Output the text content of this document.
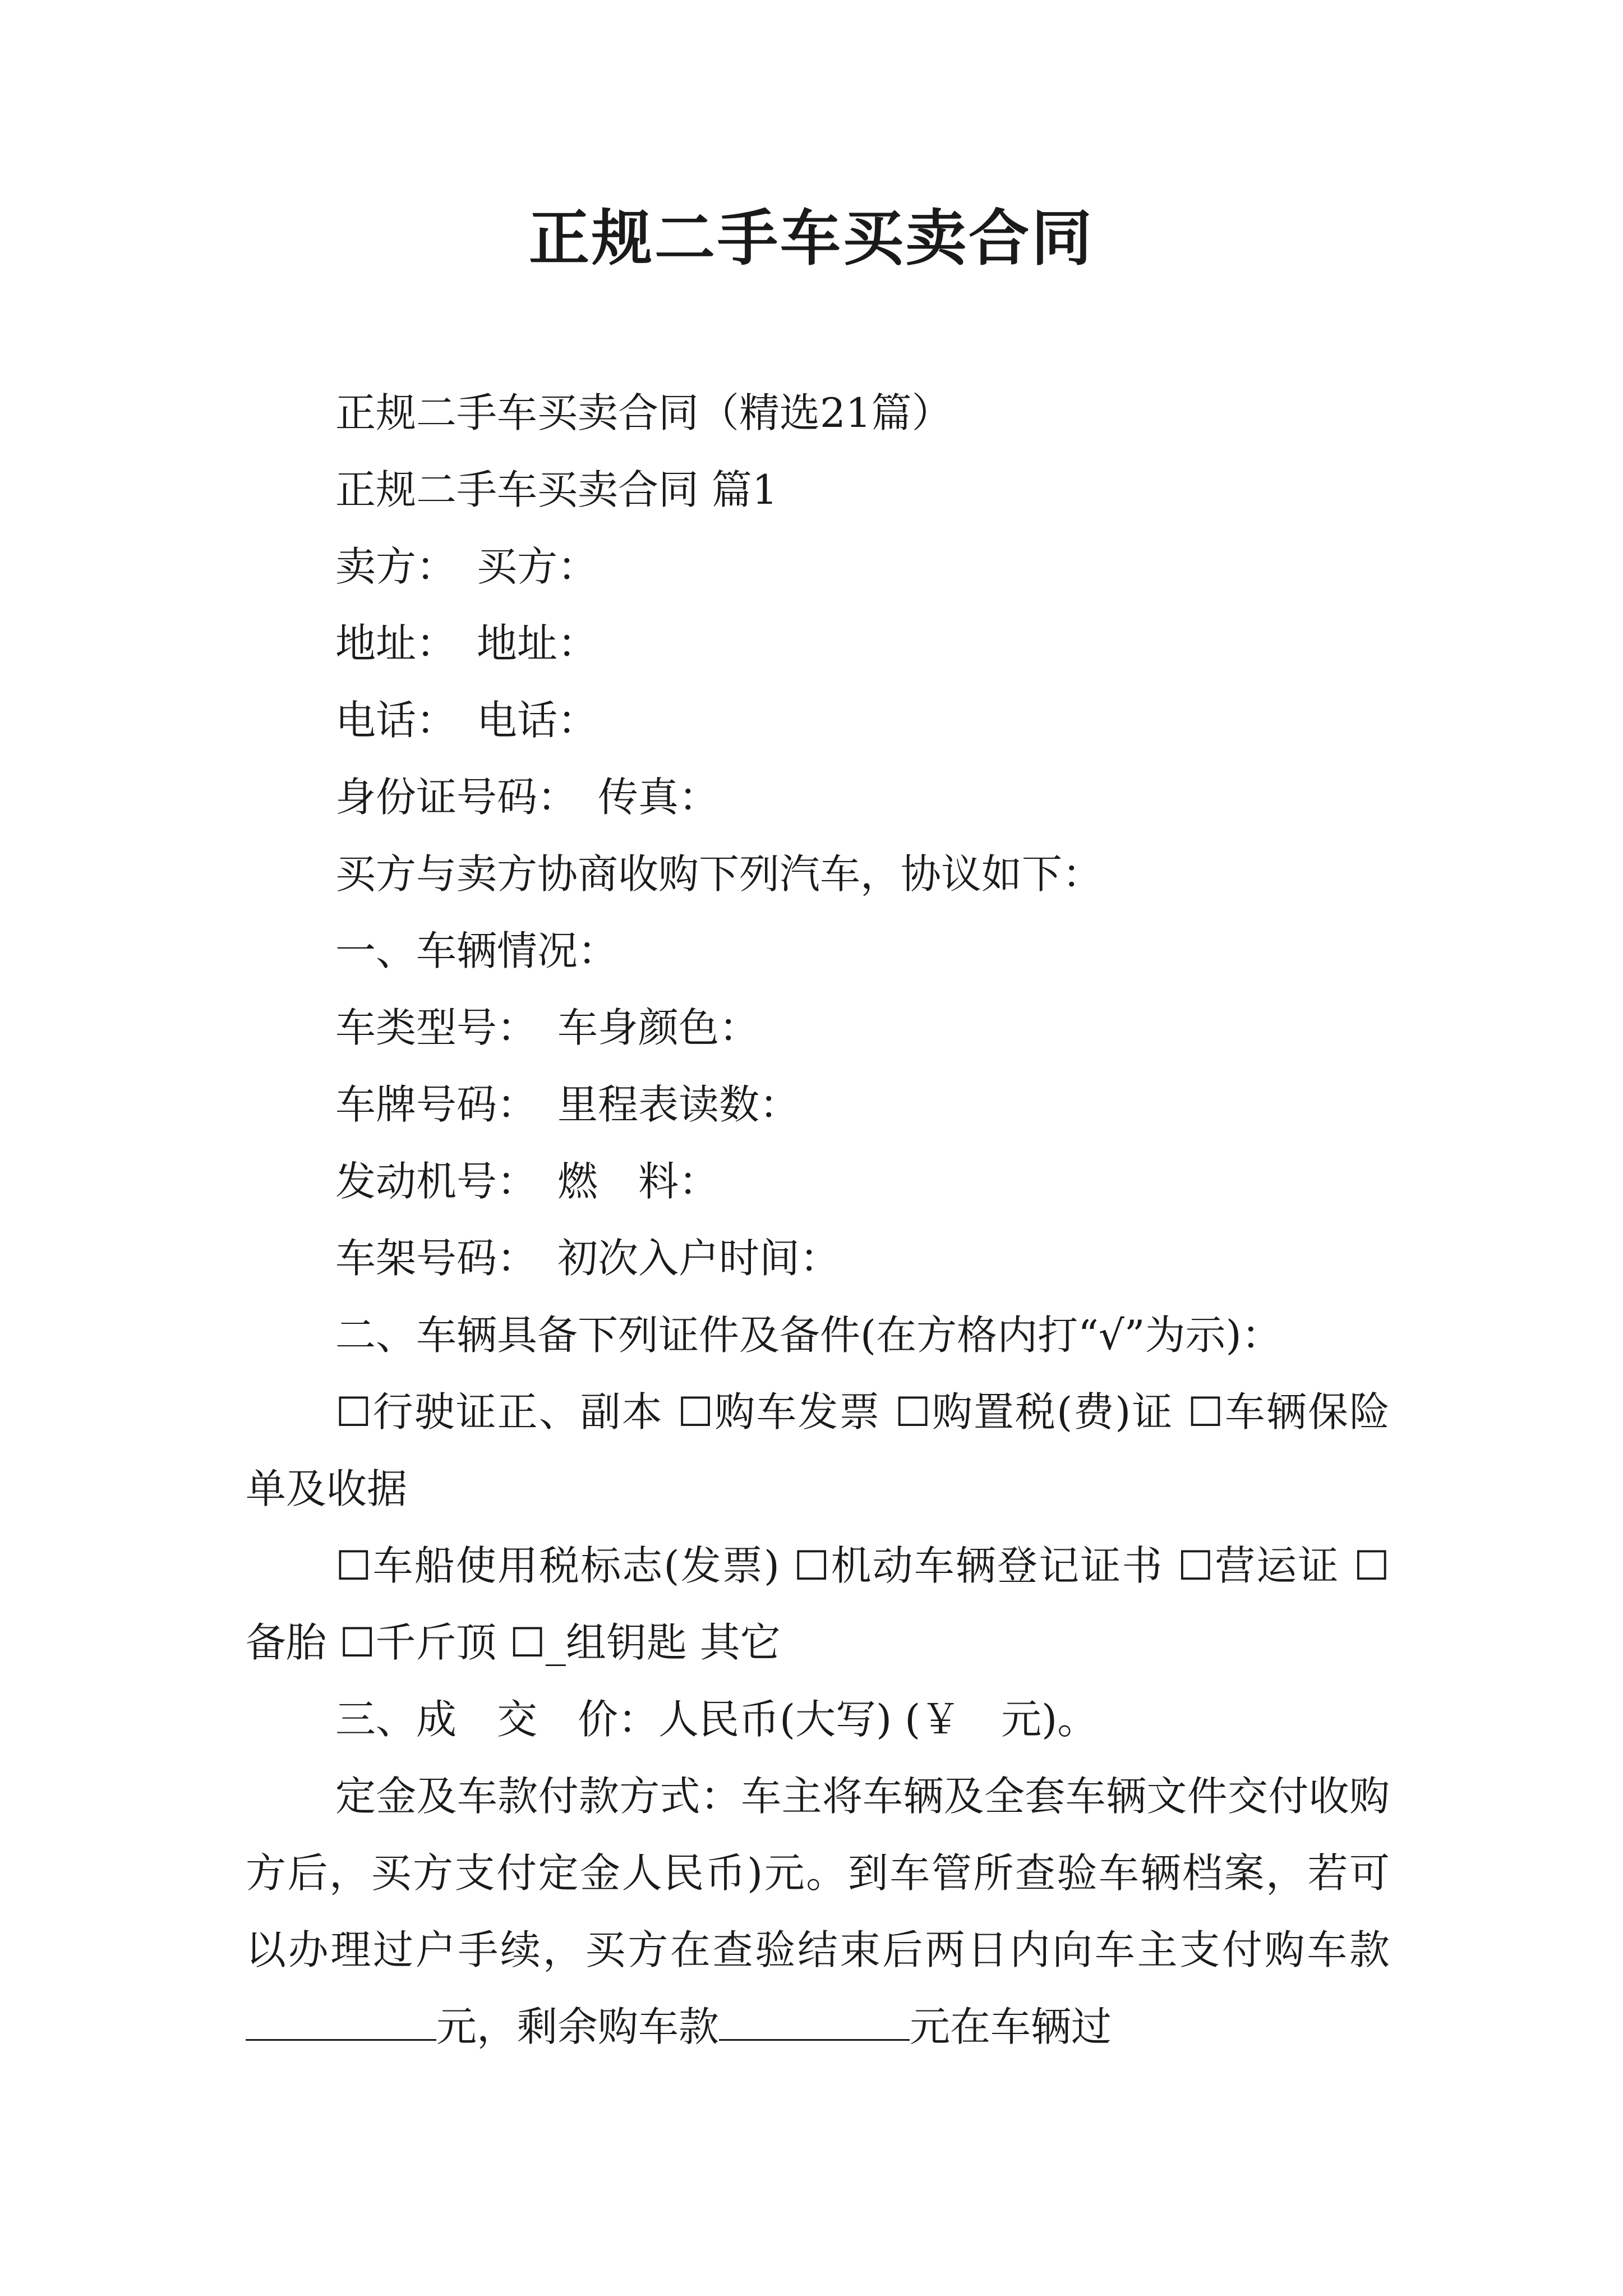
正规二手车买卖合同
正规二手车买卖合同（精选21篇）
正规二手车买卖合同 篇1
卖方： 买方：
地址： 地址：
电话： 电话：
身份证号码： 传真：
买方与卖方协商收购下列汽车，协议如下：
一、车辆情况：
车类型号： 车身颜色：
车牌号码： 里程表读数：
发动机号： 燃　料：
车架号码： 初次入户时间：
二、车辆具备下列证件及备件(在方格内打“√”为示)：
☐行驶证正、副本 ☐购车发票 ☐购置税(费)证 ☐车辆保险单及收据
☐车船使用税标志(发票) ☐机动车辆登记证书 ☐营运证 ☐备胎 ☐千斤顶 ☐_组钥匙 其它
三、成　交　价：人民币(大写) (￥　元)。
定金及车款付款方式：车主将车辆及全套车辆文件交付收购方后，买方支付定金人民币)元。到车管所查验车辆档案，若可以办理过户手续，买方在查验结束后两日内向车主支付购车款元，剩余购车款	元在车辆过
